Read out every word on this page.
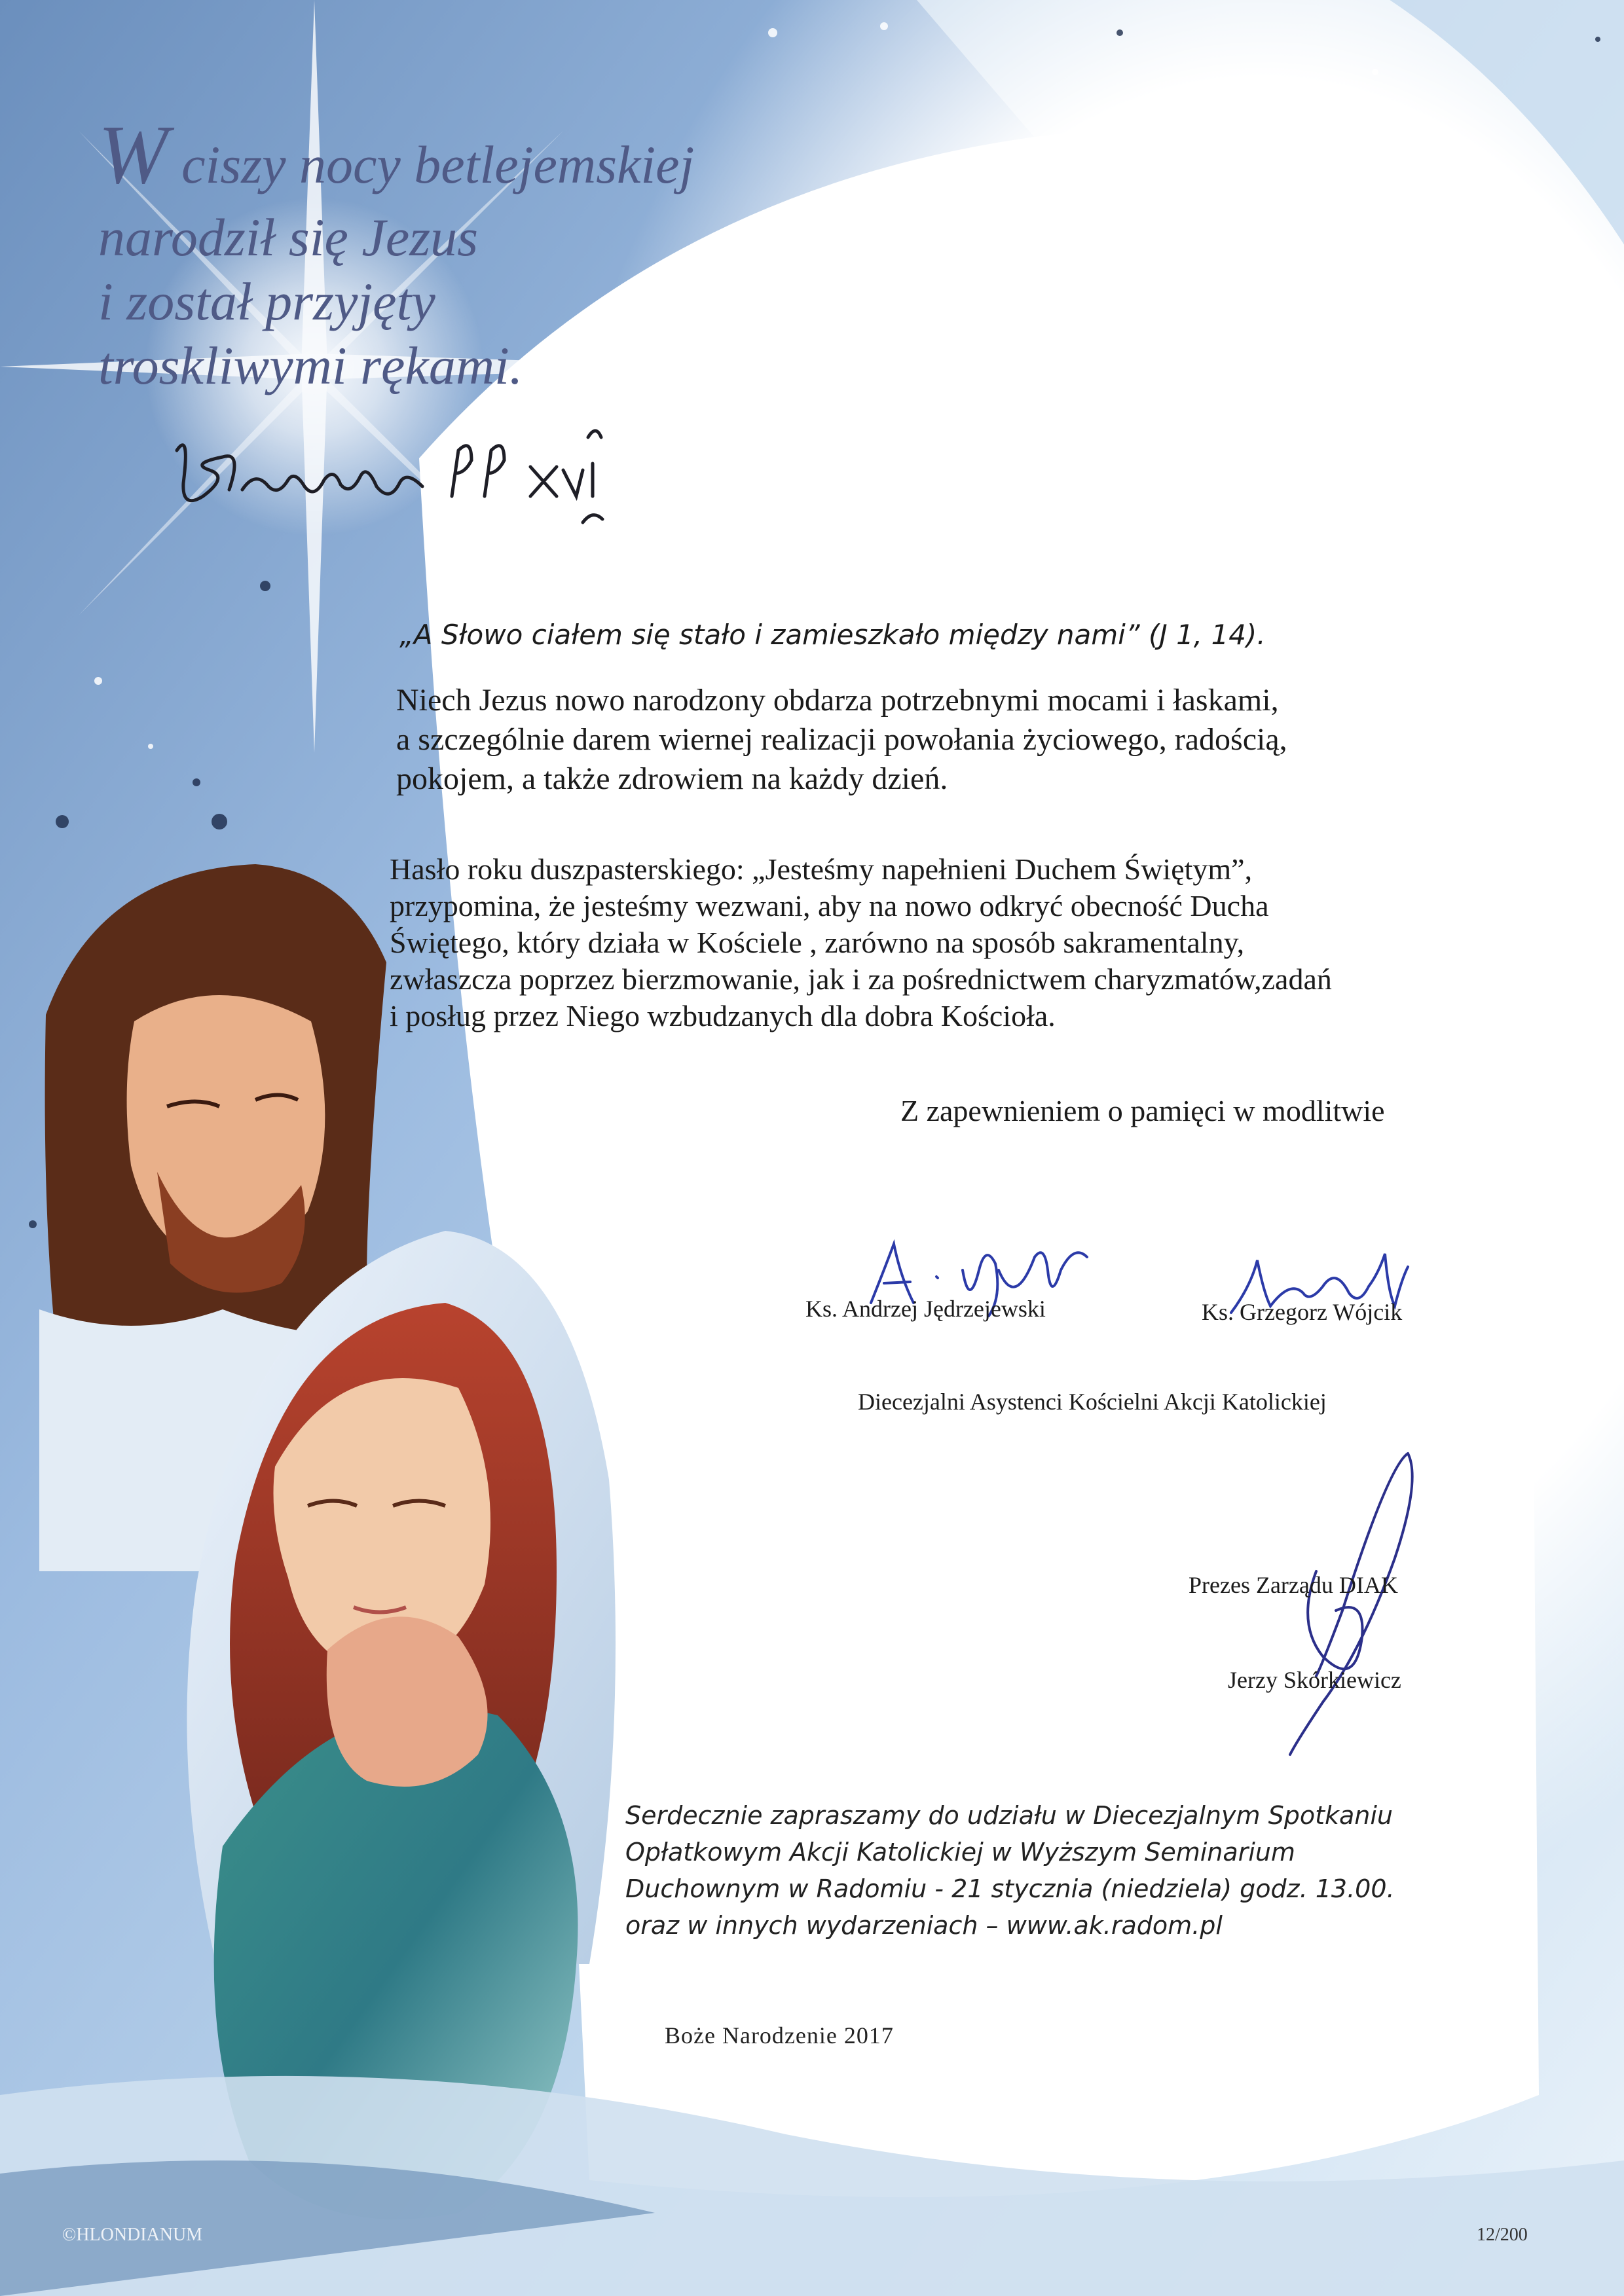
W ciszy nocy betlejemskiej
narodził się Jezus
i został przyjęty
troskliwymi rękami.
„A Słowo ciałem się stało i zamieszkało między nami” (J 1, 14).
Niech Jezus nowo narodzony obdarza potrzebnymi mocami i łaskami,
a szczególnie darem wiernej realizacji powołania życiowego, radością,
pokojem, a także zdrowiem na każdy dzień.
Hasło roku duszpasterskiego: „Jesteśmy napełnieni Duchem Świętym”,
przypomina, że jesteśmy wezwani, aby na nowo odkryć obecność Ducha
Świętego, który działa w Kościele , zarówno na sposób sakramentalny,
zwłaszcza poprzez bierzmowanie, jak i za pośrednictwem charyzmatów,zadań
i posług przez Niego wzbudzanych dla dobra Kościoła.
Z zapewnieniem o pamięci w modlitwie
Ks. Andrzej Jędrzejewski	Ks. Grzegorz Wójcik
Diecezjalni Asystenci Kościelni Akcji Katolickiej
Prezes Zarządu DIAK
Jerzy Skórkiewicz
Serdecznie zapraszamy do udziału w Diecezjalnym Spotkaniu
Opłatkowym Akcji Katolickiej w Wyższym Seminarium
Duchownym w Radomiu - 21 stycznia (niedziela) godz. 13.00.
oraz w innych wydarzeniach – www.ak.radom.pl
Boże Narodzenie 2017
©HLONDIANUM	12/200
